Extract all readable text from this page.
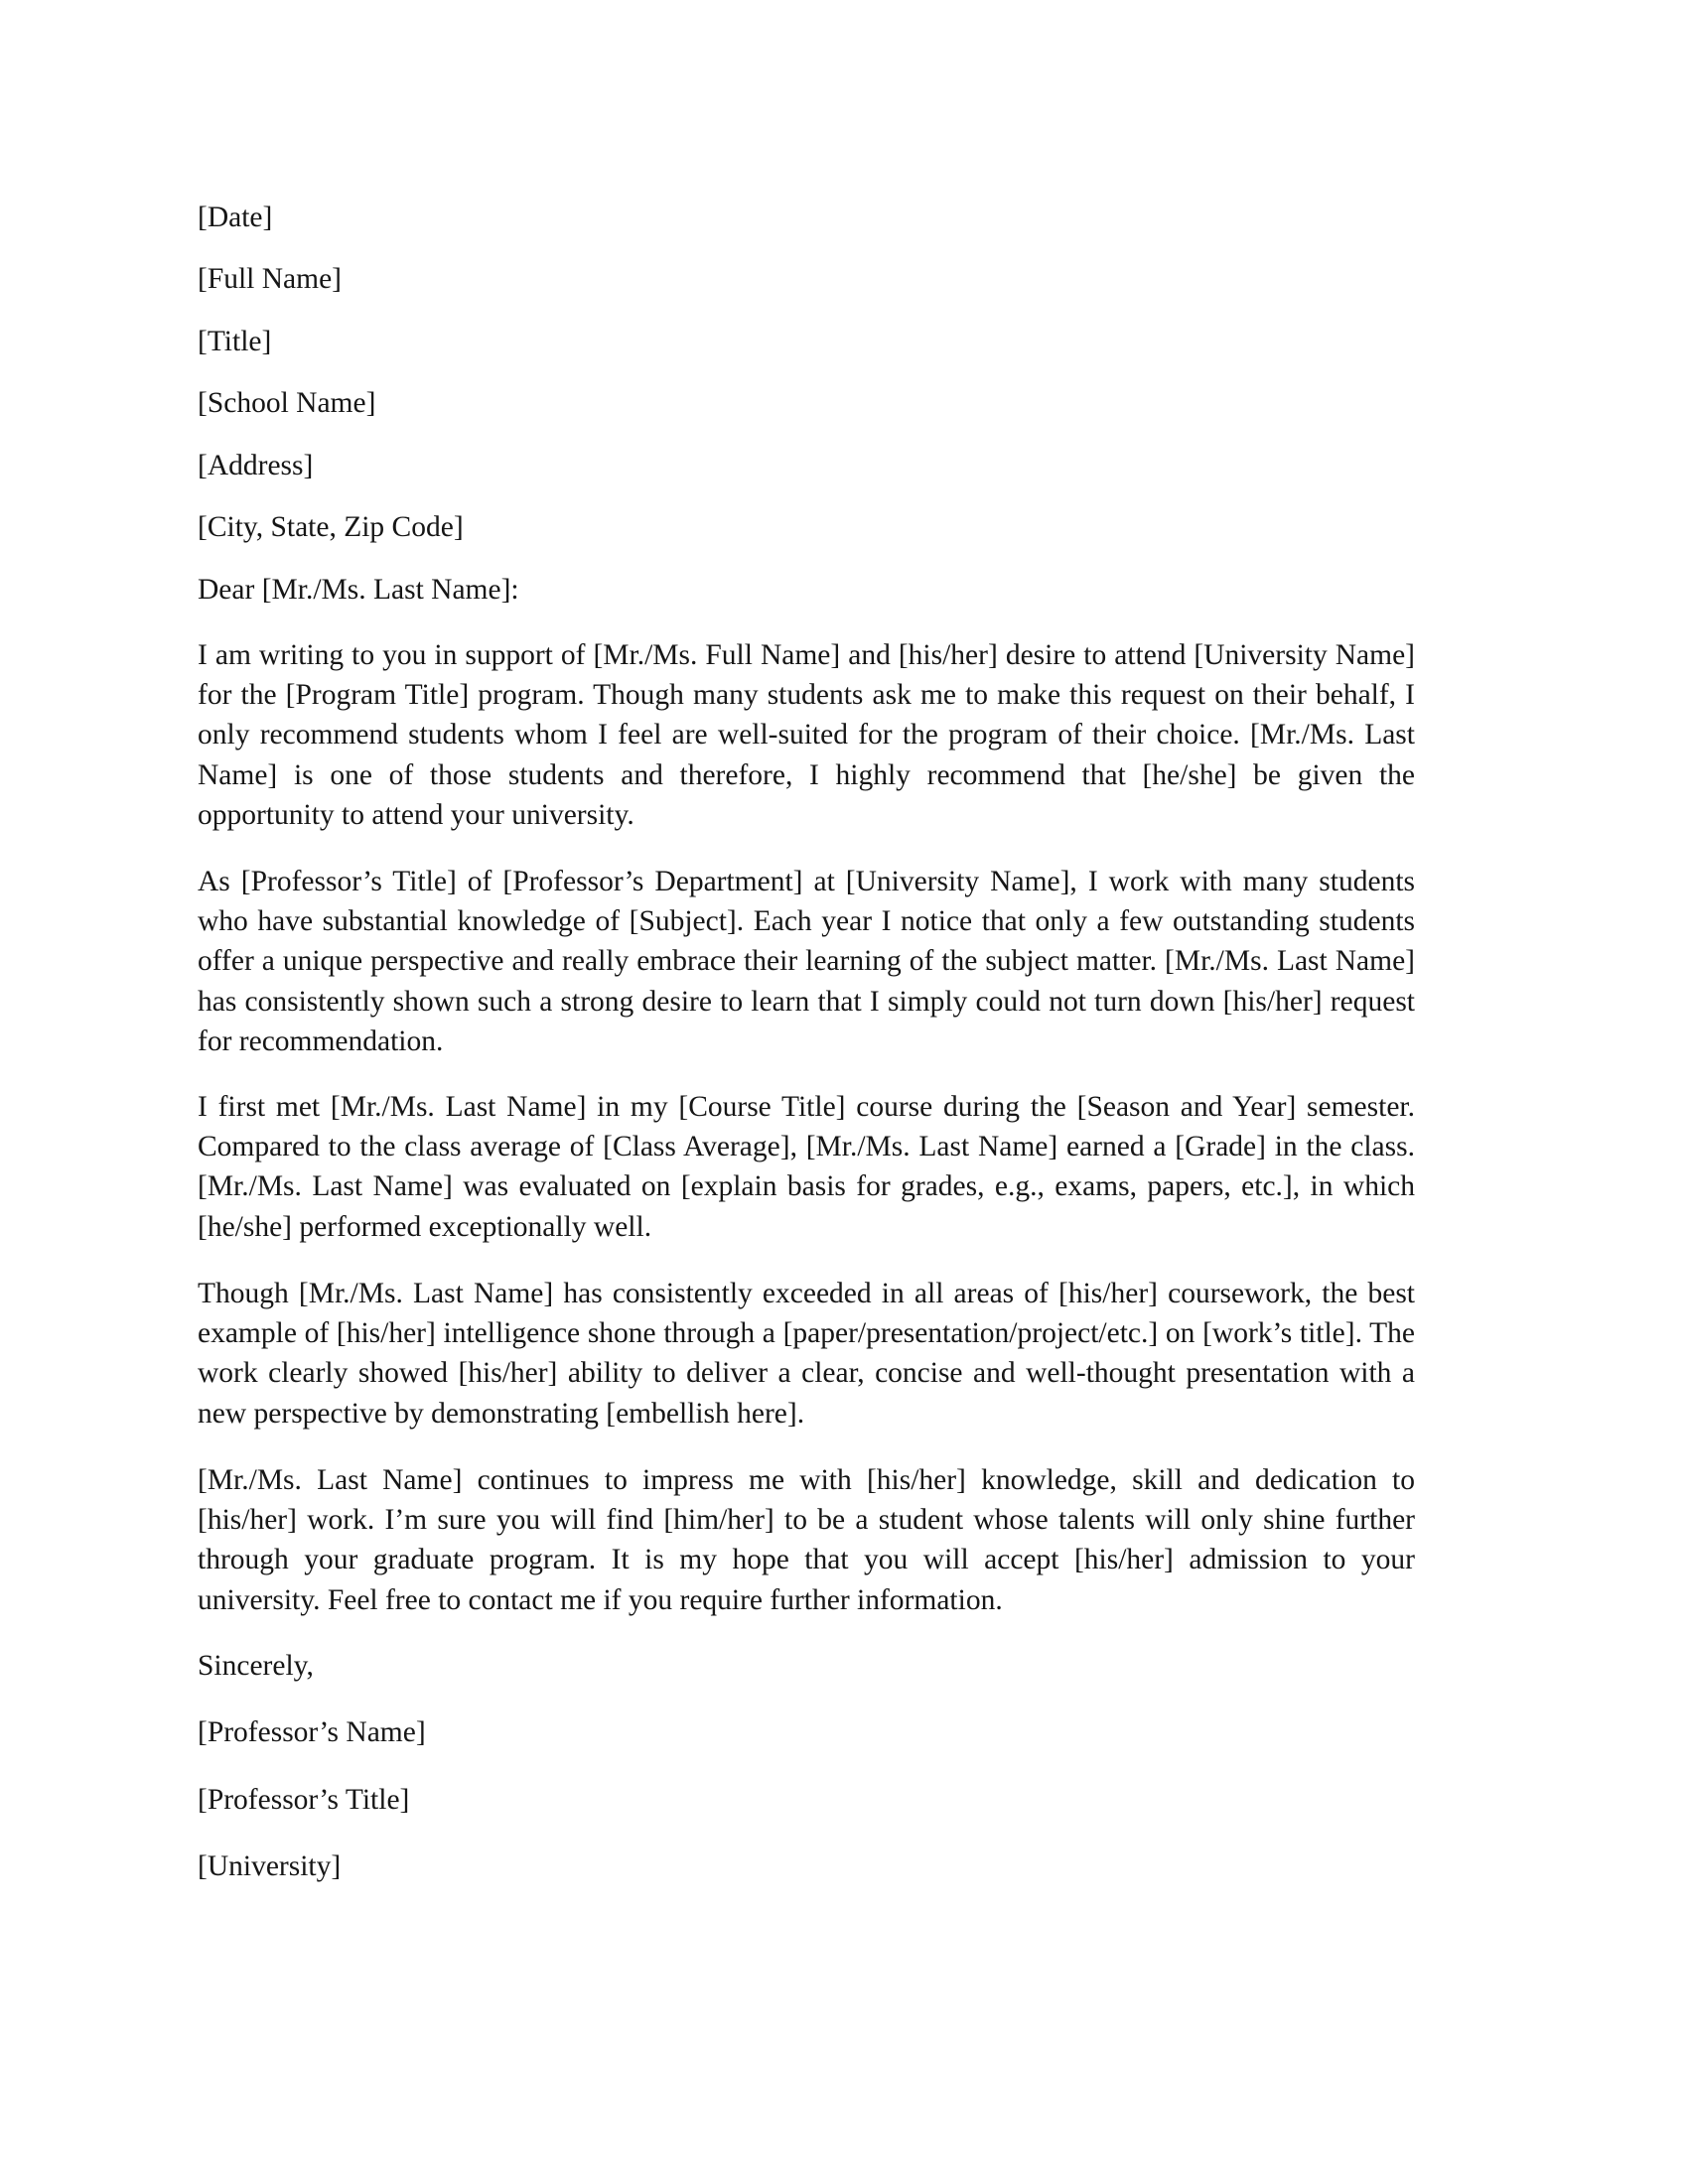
[Date]
[Full Name]
[Title]
[School Name]
[Address]
[City, State, Zip Code]
Dear [Mr./Ms. Last Name]:

I am writing to you in support of [Mr./Ms. Full Name] and [his/her] desire to attend [University Name] for the [Program Title] program. Though many students ask me to make this request on their behalf, I only recommend students whom I feel are well-suited for the program of their choice. [Mr./Ms. Last Name] is one of those students and therefore, I highly recommend that [he/she] be given the opportunity to attend your university.

As [Professor’s Title] of [Professor’s Department] at [University Name], I work with many students who have substantial knowledge of [Subject]. Each year I notice that only a few outstanding students offer a unique perspective and really embrace their learning of the subject matter. [Mr./Ms. Last Name] has consistently shown such a strong desire to learn that I simply could not turn down [his/her] request for recommendation.

I first met [Mr./Ms. Last Name] in my [Course Title] course during the [Season and Year] semester. Compared to the class average of [Class Average], [Mr./Ms. Last Name] earned a [Grade] in the class. [Mr./Ms. Last Name] was evaluated on [explain basis for grades, e.g., exams, papers, etc.], in which [he/she] performed exceptionally well.

Though [Mr./Ms. Last Name] has consistently exceeded in all areas of [his/her] coursework, the best example of [his/her] intelligence shone through a [paper/presentation/project/etc.] on [work’s title]. The work clearly showed [his/her] ability to deliver a clear, concise and well-thought presentation with a new perspective by demonstrating [embellish here].

[Mr./Ms. Last Name] continues to impress me with [his/her] knowledge, skill and dedication to [his/her] work. I’m sure you will find [him/her] to be a student whose talents will only shine further through your graduate program. It is my hope that you will accept [his/her] admission to your university. Feel free to contact me if you require further information.

Sincerely,
[Professor’s Name]
[Professor’s Title]
[University]
